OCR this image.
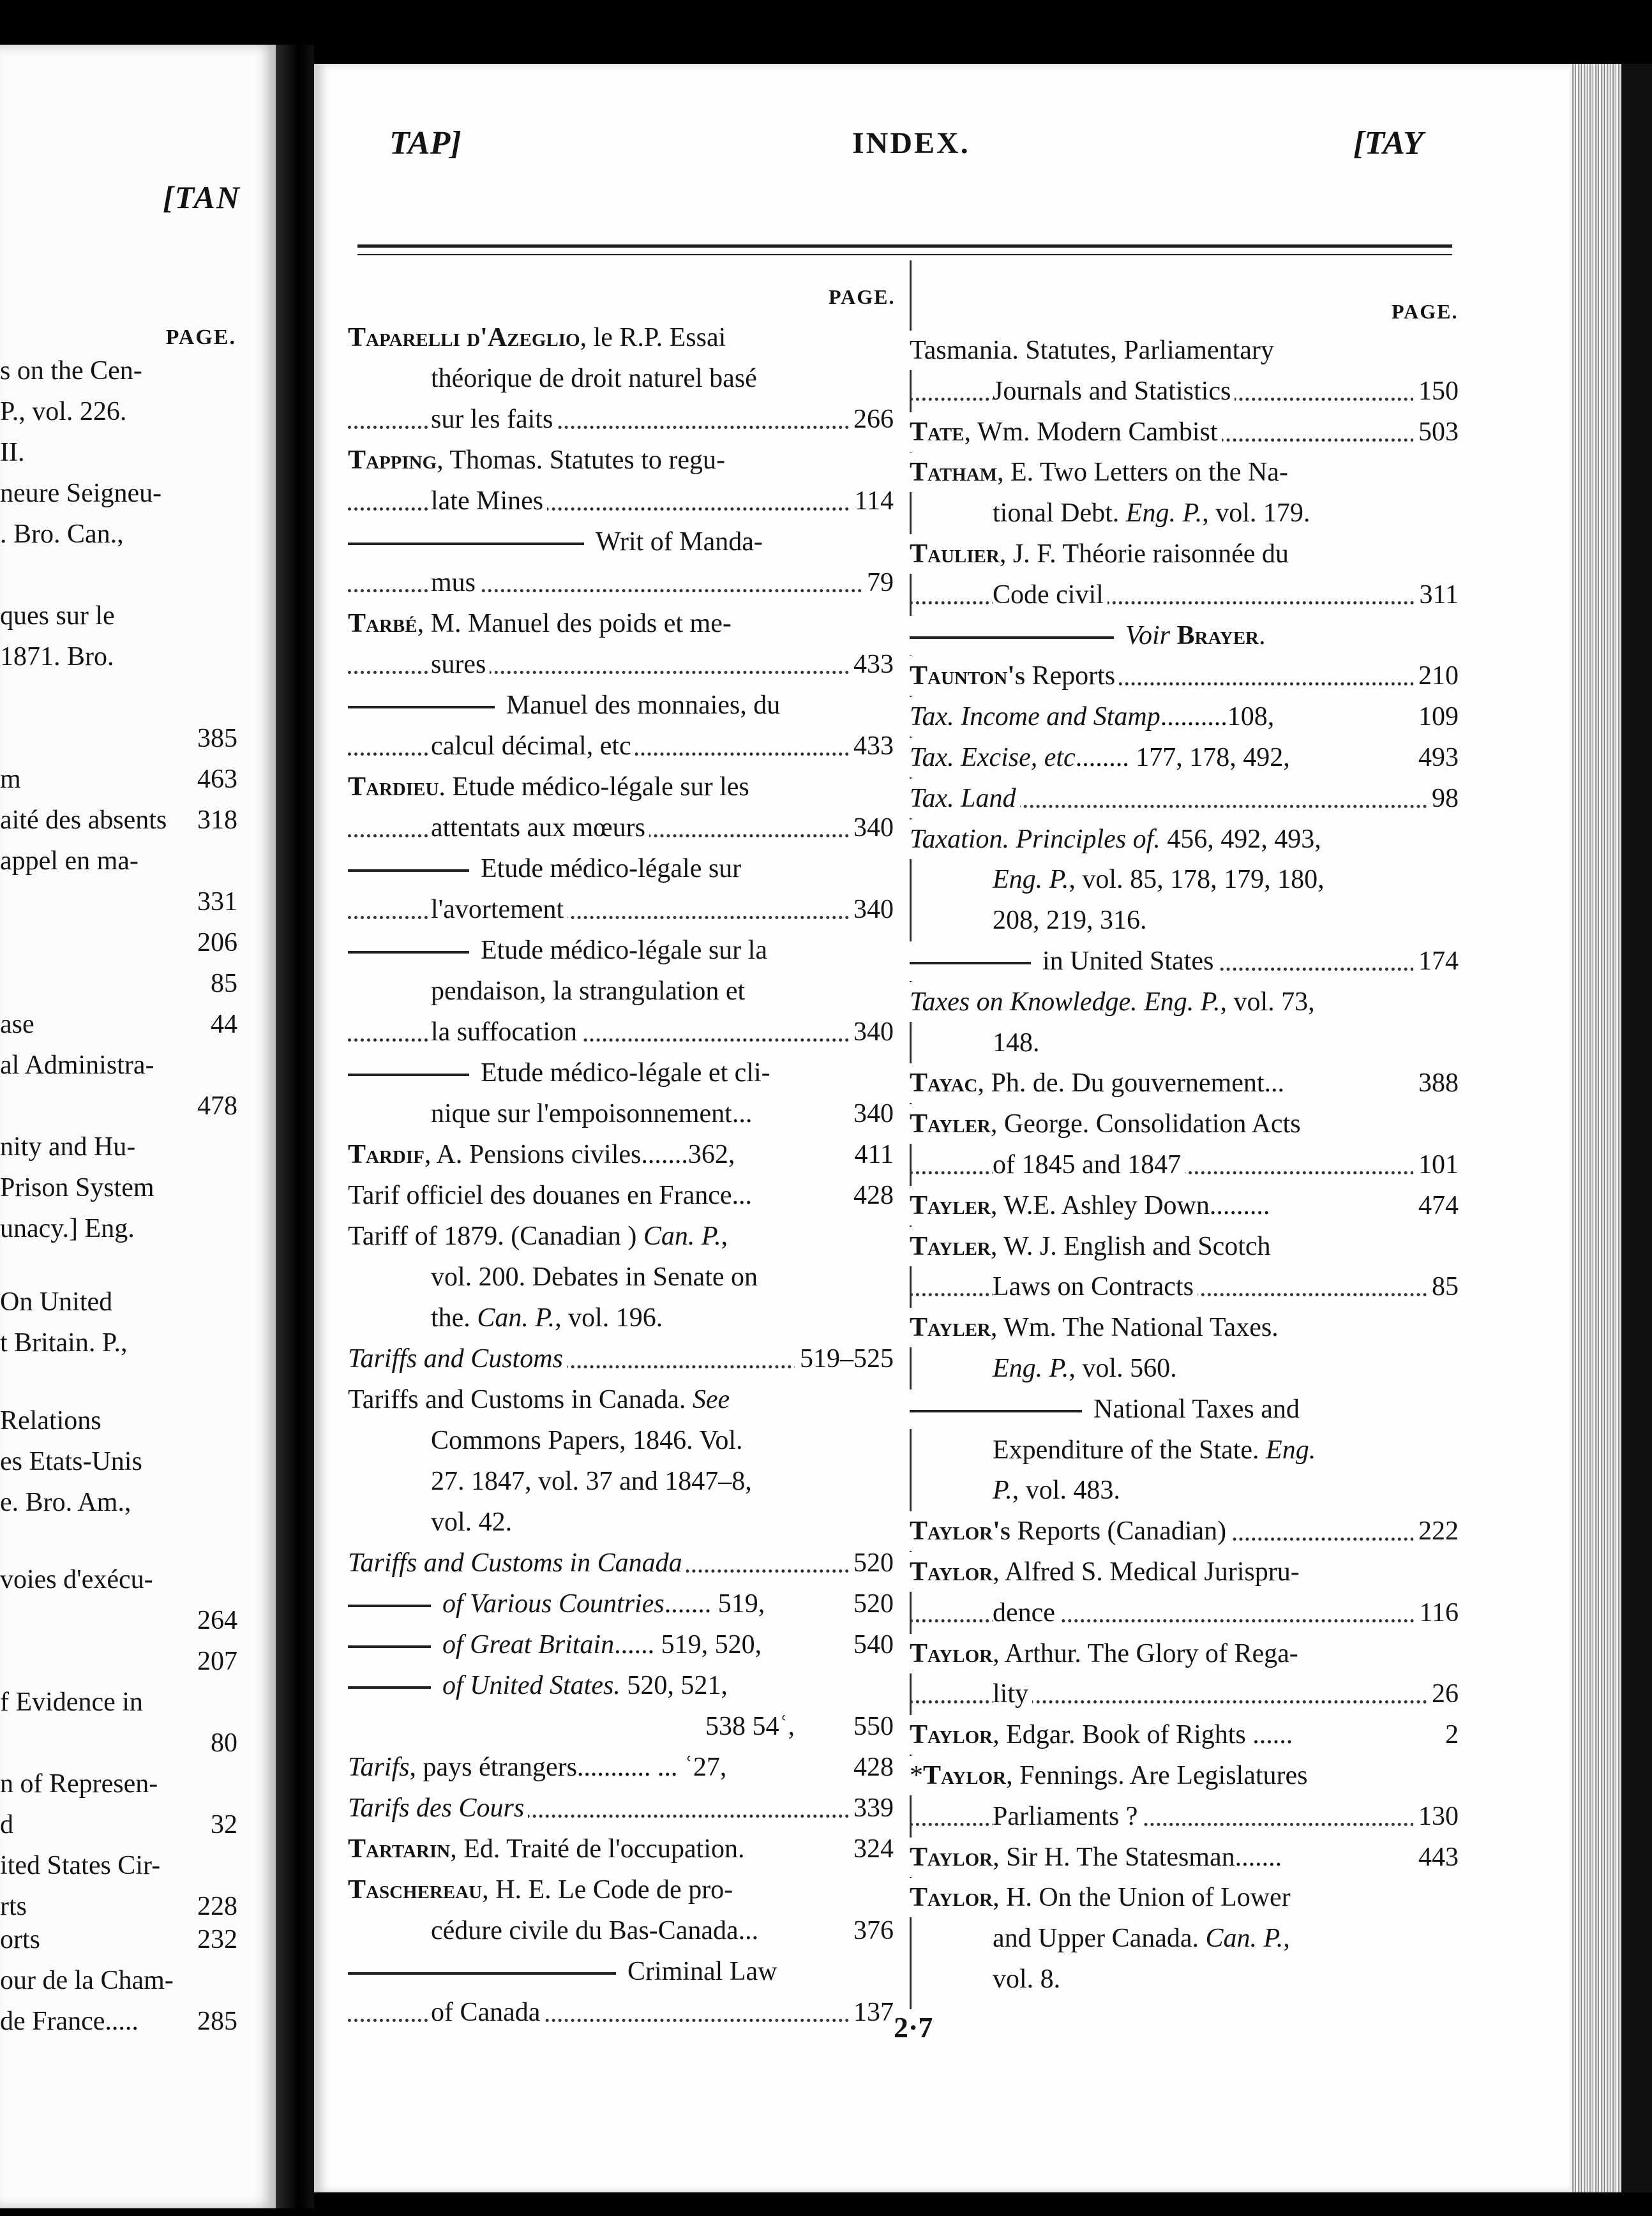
[TAN
PAGE.
s on the Cen-
P., vol. 226.
II.
neure Seigneu-
. Bro. Can.,
ques sur le
1871. Bro.
385
m	463
aité des absents 318
appel en ma-
331
206
85
ase	44
al Administra-
478
nity and Hu-
Prison System
unacy.] Eng.
On United
t Britain. P.,
Relations
es Etats-Unis
e. Bro. Am.,
voies d'exécu-
264
207
f Evidence in
80
n of Represen-
d	32
ited States Cir-
rts	228
orts	232
our de la Cham-
de France..... 285
TAP]	INDEX.	[TAY
PAGE.
PAGE.
Taparelli d'Azeglio, le R.P. Essai
théorique de droit naturel basé
sur les faits	266
Tapping, Thomas. Statutes to regu-
late Mines	114
Writ of Manda-
mus	79
Tarbé, M. Manuel des poids et me-
sures	433
Manuel des monnaies, du
calcul décimal, etc	433
Tardieu. Etude médico-légale sur les
attentats aux mœurs	340
Etude médico-légale sur
l'avortement	340
Etude médico-légale sur la
pendaison, la strangulation et
la suffocation	340
Etude médico-légale et cli-
nique sur l'empoisonnement...	340
Tardif, A. Pensions civiles.......362,	411
Tarif officiel des douanes en France...	428
Tariff of 1879. (Canadian ) Can. P.,
vol. 200. Debates in Senate on
the. Can. P., vol. 196.
Tariffs and Customs	519–525
Tariffs and Customs in Canada. See
Commons Papers, 1846. Vol.
27. 1847, vol. 37 and 1847–8,
vol. 42.
Tariffs and Customs in Canada	520
of Various Countries....... 519,	520
of Great Britain...... 519, 520,	540
of United States. 520, 521,
538 54ʿ, 550
Tarifs, pays étrangers........... ... ʿ27,	428
Tarifs des Cours	339
Tartarin, Ed. Traité de l'occupation.	324
Taschereau, H. E. Le Code de pro-
cédure civile du Bas-Canada...	376
Criminal Law
of Canada	137
Tasmania. Statutes, Parliamentary
Journals and Statistics	150
Tate, Wm. Modern Cambist	503
Tatham, E. Two Letters on the Na-
tional Debt. Eng. P., vol. 179.
Taulier, J. F. Théorie raisonnée du
Code civil	311
Voir Brayer.
Taunton's Reports	210
Tax. Income and Stamp..........108,	109
Tax. Excise, etc........ 177, 178, 492,	493
Tax. Land	98
Taxation. Principles of. 456, 492, 493,
Eng. P., vol. 85, 178, 179, 180,
208, 219, 316.
in United States	174
Taxes on Knowledge. Eng. P., vol. 73,
148.
Tayac, Ph. de. Du gouvernement...	388
Tayler, George. Consolidation Acts
of 1845 and 1847	101
Tayler, W.E. Ashley Down.........	474
Tayler, W. J. English and Scotch
Laws on Contracts	85
Tayler, Wm. The National Taxes.
Eng. P., vol. 560.
National Taxes and
Expenditure of the State. Eng.
P., vol. 483.
Taylor's Reports (Canadian)	222
Taylor, Alfred S. Medical Jurispru-
dence	116
Taylor, Arthur. The Glory of Rega-
lity	26
Taylor, Edgar. Book of Rights ......	2
*Taylor, Fennings. Are Legislatures
Parliaments ?	130
Taylor, Sir H. The Statesman.......	443
Taylor, H. On the Union of Lower
and Upper Canada. Can. P.,
vol. 8.
2·7
